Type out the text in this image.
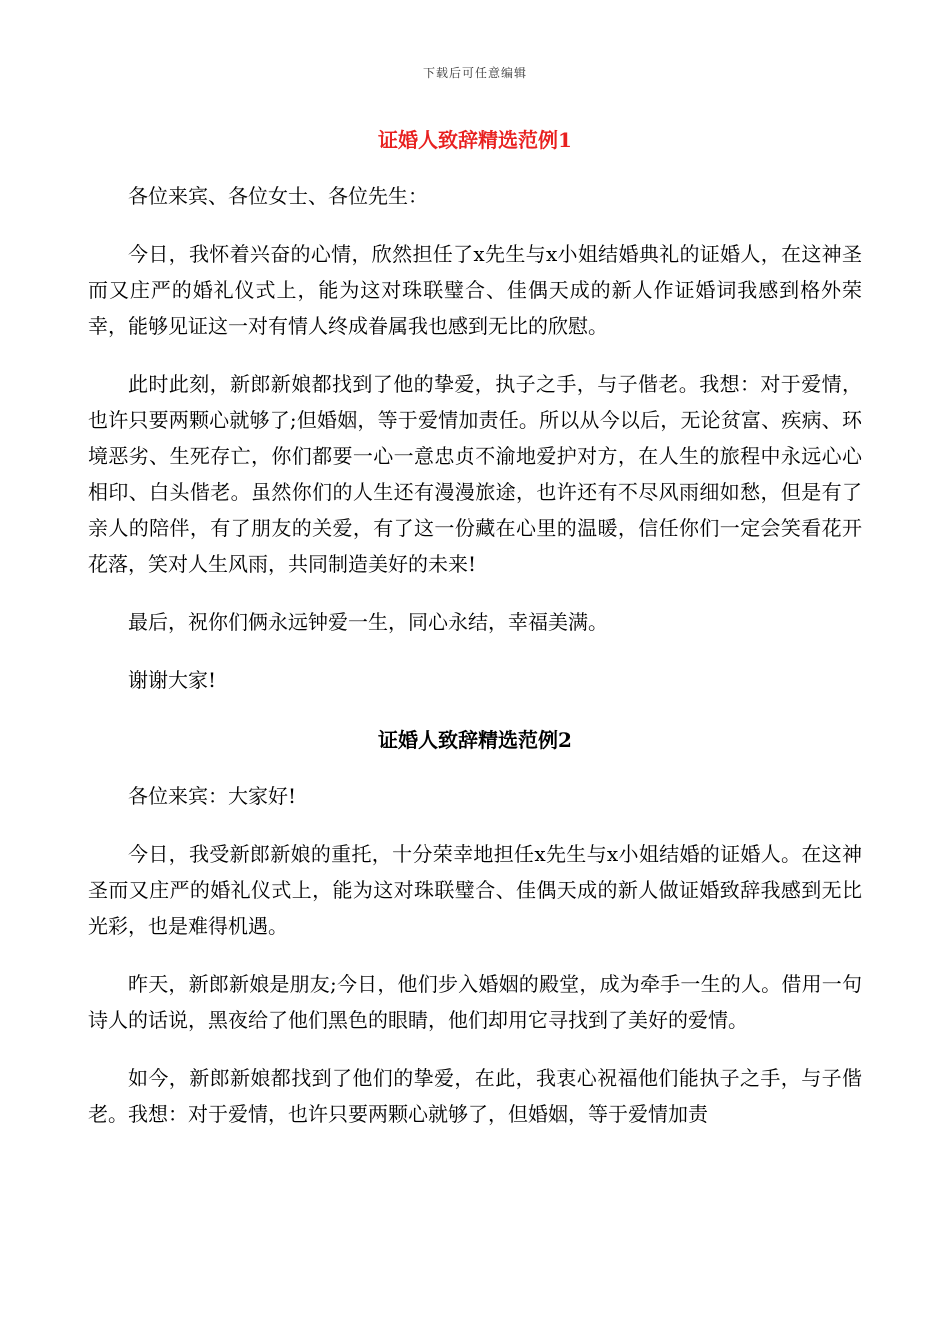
下载后可任意编辑
证婚人致辞精选范例1

各位来宾、各位女士、各位先生：

今日，我怀着兴奋的心情，欣然担任了x先生与x小姐结婚典礼的证婚人，在这神圣而又庄严的婚礼仪式上，能为这对珠联璧合、佳偶天成的新人作证婚词我感到格外荣幸，能够见证这一对有情人终成眷属我也感到无比的欣慰。

此时此刻，新郎新娘都找到了他的挚爱，执子之手，与子偕老。我想：对于爱情，也许只要两颗心就够了;但婚姻，等于爱情加责任。所以从今以后，无论贫富、疾病、环境恶劣、生死存亡，你们都要一心一意忠贞不渝地爱护对方，在人生的旅程中永远心心相印、白头偕老。虽然你们的人生还有漫漫旅途，也许还有不尽风雨细如愁，但是有了亲人的陪伴，有了朋友的关爱，有了这一份藏在心里的温暖，信任你们一定会笑看花开花落，笑对人生风雨，共同制造美好的未来!

最后，祝你们俩永远钟爱一生，同心永结，幸福美满。

谢谢大家!

证婚人致辞精选范例2

各位来宾：大家好!

今日，我受新郎新娘的重托，十分荣幸地担任x先生与x小姐结婚的证婚人。在这神圣而又庄严的婚礼仪式上，能为这对珠联璧合、佳偶天成的新人做证婚致辞我感到无比光彩，也是难得机遇。

昨天，新郎新娘是朋友;今日，他们步入婚姻的殿堂，成为牵手一生的人。借用一句诗人的话说，黑夜给了他们黑色的眼睛，他们却用它寻找到了美好的爱情。

如今，新郎新娘都找到了他们的挚爱，在此，我衷心祝福他们能执子之手，与子偕老。我想：对于爱情，也许只要两颗心就够了，但婚姻，等于爱情加责
